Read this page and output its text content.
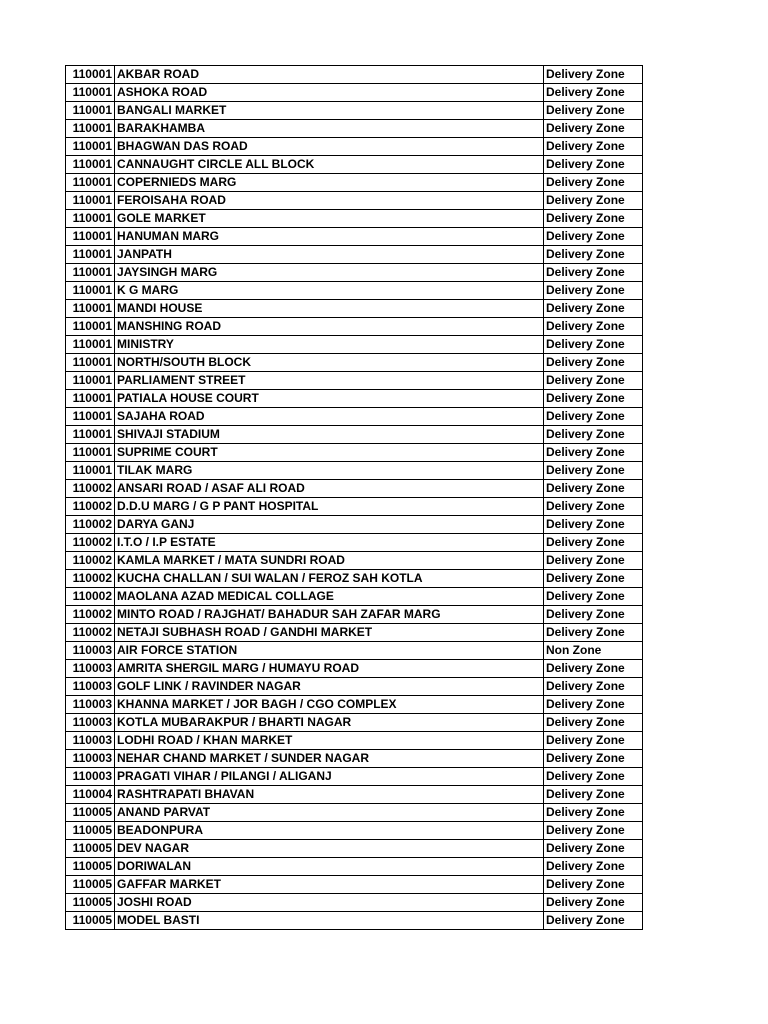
110001	AKBAR ROAD	Delivery Zone
110001	ASHOKA ROAD	Delivery Zone
110001	BANGALI MARKET	Delivery Zone
110001	BARAKHAMBA	Delivery Zone
110001	BHAGWAN DAS ROAD	Delivery Zone
110001	CANNAUGHT CIRCLE ALL BLOCK	Delivery Zone
110001	COPERNIEDS MARG	Delivery Zone
110001	FEROISAHA ROAD	Delivery Zone
110001	GOLE MARKET	Delivery Zone
110001	HANUMAN MARG	Delivery Zone
110001	JANPATH	Delivery Zone
110001	JAYSINGH MARG	Delivery Zone
110001	K G MARG	Delivery Zone
110001	MANDI HOUSE	Delivery Zone
110001	MANSHING ROAD	Delivery Zone
110001	MINISTRY	Delivery Zone
110001	NORTH/SOUTH BLOCK	Delivery Zone
110001	PARLIAMENT STREET	Delivery Zone
110001	PATIALA HOUSE COURT	Delivery Zone
110001	SAJAHA ROAD	Delivery Zone
110001	SHIVAJI STADIUM	Delivery Zone
110001	SUPRIME COURT	Delivery Zone
110001	TILAK MARG	Delivery Zone
110002	ANSARI ROAD / ASAF ALI ROAD	Delivery Zone
110002	D.D.U MARG / G P PANT HOSPITAL	Delivery Zone
110002	DARYA GANJ	Delivery Zone
110002	I.T.O / I.P ESTATE	Delivery Zone
110002	KAMLA MARKET / MATA SUNDRI ROAD	Delivery Zone
110002	KUCHA CHALLAN / SUI WALAN / FEROZ SAH KOTLA	Delivery Zone
110002	MAOLANA AZAD MEDICAL COLLAGE	Delivery Zone
110002	MINTO ROAD / RAJGHAT/ BAHADUR SAH ZAFAR MARG	Delivery Zone
110002	NETAJI SUBHASH ROAD / GANDHI MARKET	Delivery Zone
110003	AIR FORCE STATION	Non Zone
110003	AMRITA SHERGIL MARG / HUMAYU ROAD	Delivery Zone
110003	GOLF LINK / RAVINDER NAGAR	Delivery Zone
110003	KHANNA MARKET / JOR BAGH / CGO COMPLEX	Delivery Zone
110003	KOTLA MUBARAKPUR / BHARTI NAGAR	Delivery Zone
110003	LODHI ROAD / KHAN MARKET	Delivery Zone
110003	NEHAR CHAND MARKET / SUNDER NAGAR	Delivery Zone
110003	PRAGATI VIHAR / PILANGI / ALIGANJ	Delivery Zone
110004	RASHTRAPATI BHAVAN	Delivery Zone
110005	ANAND PARVAT	Delivery Zone
110005	BEADONPURA	Delivery Zone
110005	DEV NAGAR	Delivery Zone
110005	DORIWALAN	Delivery Zone
110005	GAFFAR MARKET	Delivery Zone
110005	JOSHI ROAD	Delivery Zone
110005	MODEL BASTI	Delivery Zone
